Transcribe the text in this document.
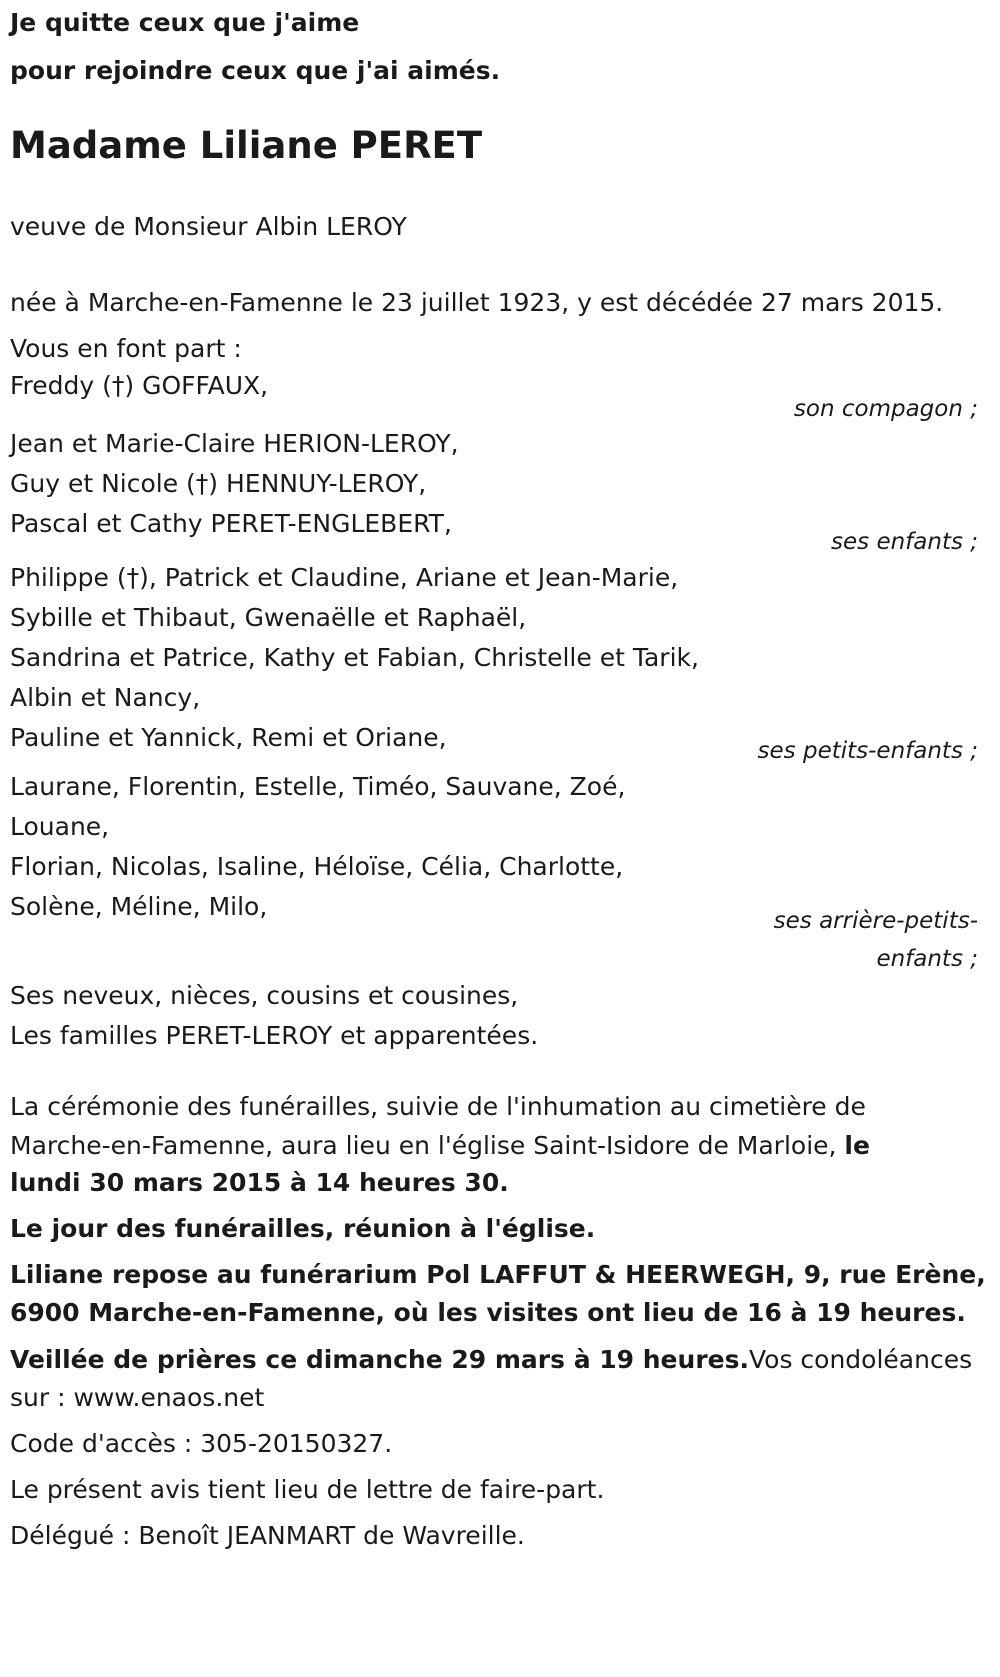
Je quitte ceux que j'aime
pour rejoindre ceux que j'ai aimés.
Madame Liliane PERET
veuve de Monsieur Albin LEROY
née à Marche-en-Famenne le 23 juillet 1923, y est décédée 27 mars 2015.
Vous en font part :
Freddy (†) GOFFAUX,
son compagon ;
Jean et Marie-Claire HERION-LEROY,
Guy et Nicole (†) HENNUY-LEROY,
Pascal et Cathy PERET-ENGLEBERT,
ses enfants ;
Philippe (†), Patrick et Claudine, Ariane et Jean-Marie,
Sybille et Thibaut, Gwenaëlle et Raphaël,
Sandrina et Patrice, Kathy et Fabian, Christelle et Tarik,
Albin et Nancy,
Pauline et Yannick, Remi et Oriane,	ses petits-enfants ;
Laurane, Florentin, Estelle, Timéo, Sauvane, Zoé,
Louane,
Florian, Nicolas, Isaline, Héloïse, Célia, Charlotte,
Solène, Méline, Milo,	ses arrière-petits-
enfants ;
Ses neveux, nièces, cousins et cousines,
Les familles PERET-LEROY et apparentées.
La cérémonie des funérailles, suivie de l'inhumation au cimetière de
Marche-en-Famenne, aura lieu en l'église Saint-Isidore de Marloie, le
lundi 30 mars 2015 à 14 heures 30.
Le jour des funérailles, réunion à l'église.
Liliane repose au funérarium Pol LAFFUT & HEERWEGH, 9, rue Erène,
6900 Marche-en-Famenne, où les visites ont lieu de 16 à 19 heures.
Veillée de prières ce dimanche 29 mars à 19 heures.Vos condoléances
sur : www.enaos.net
Code d'accès : 305-20150327.
Le présent avis tient lieu de lettre de faire-part.
Délégué : Benoît JEANMART de Wavreille.
